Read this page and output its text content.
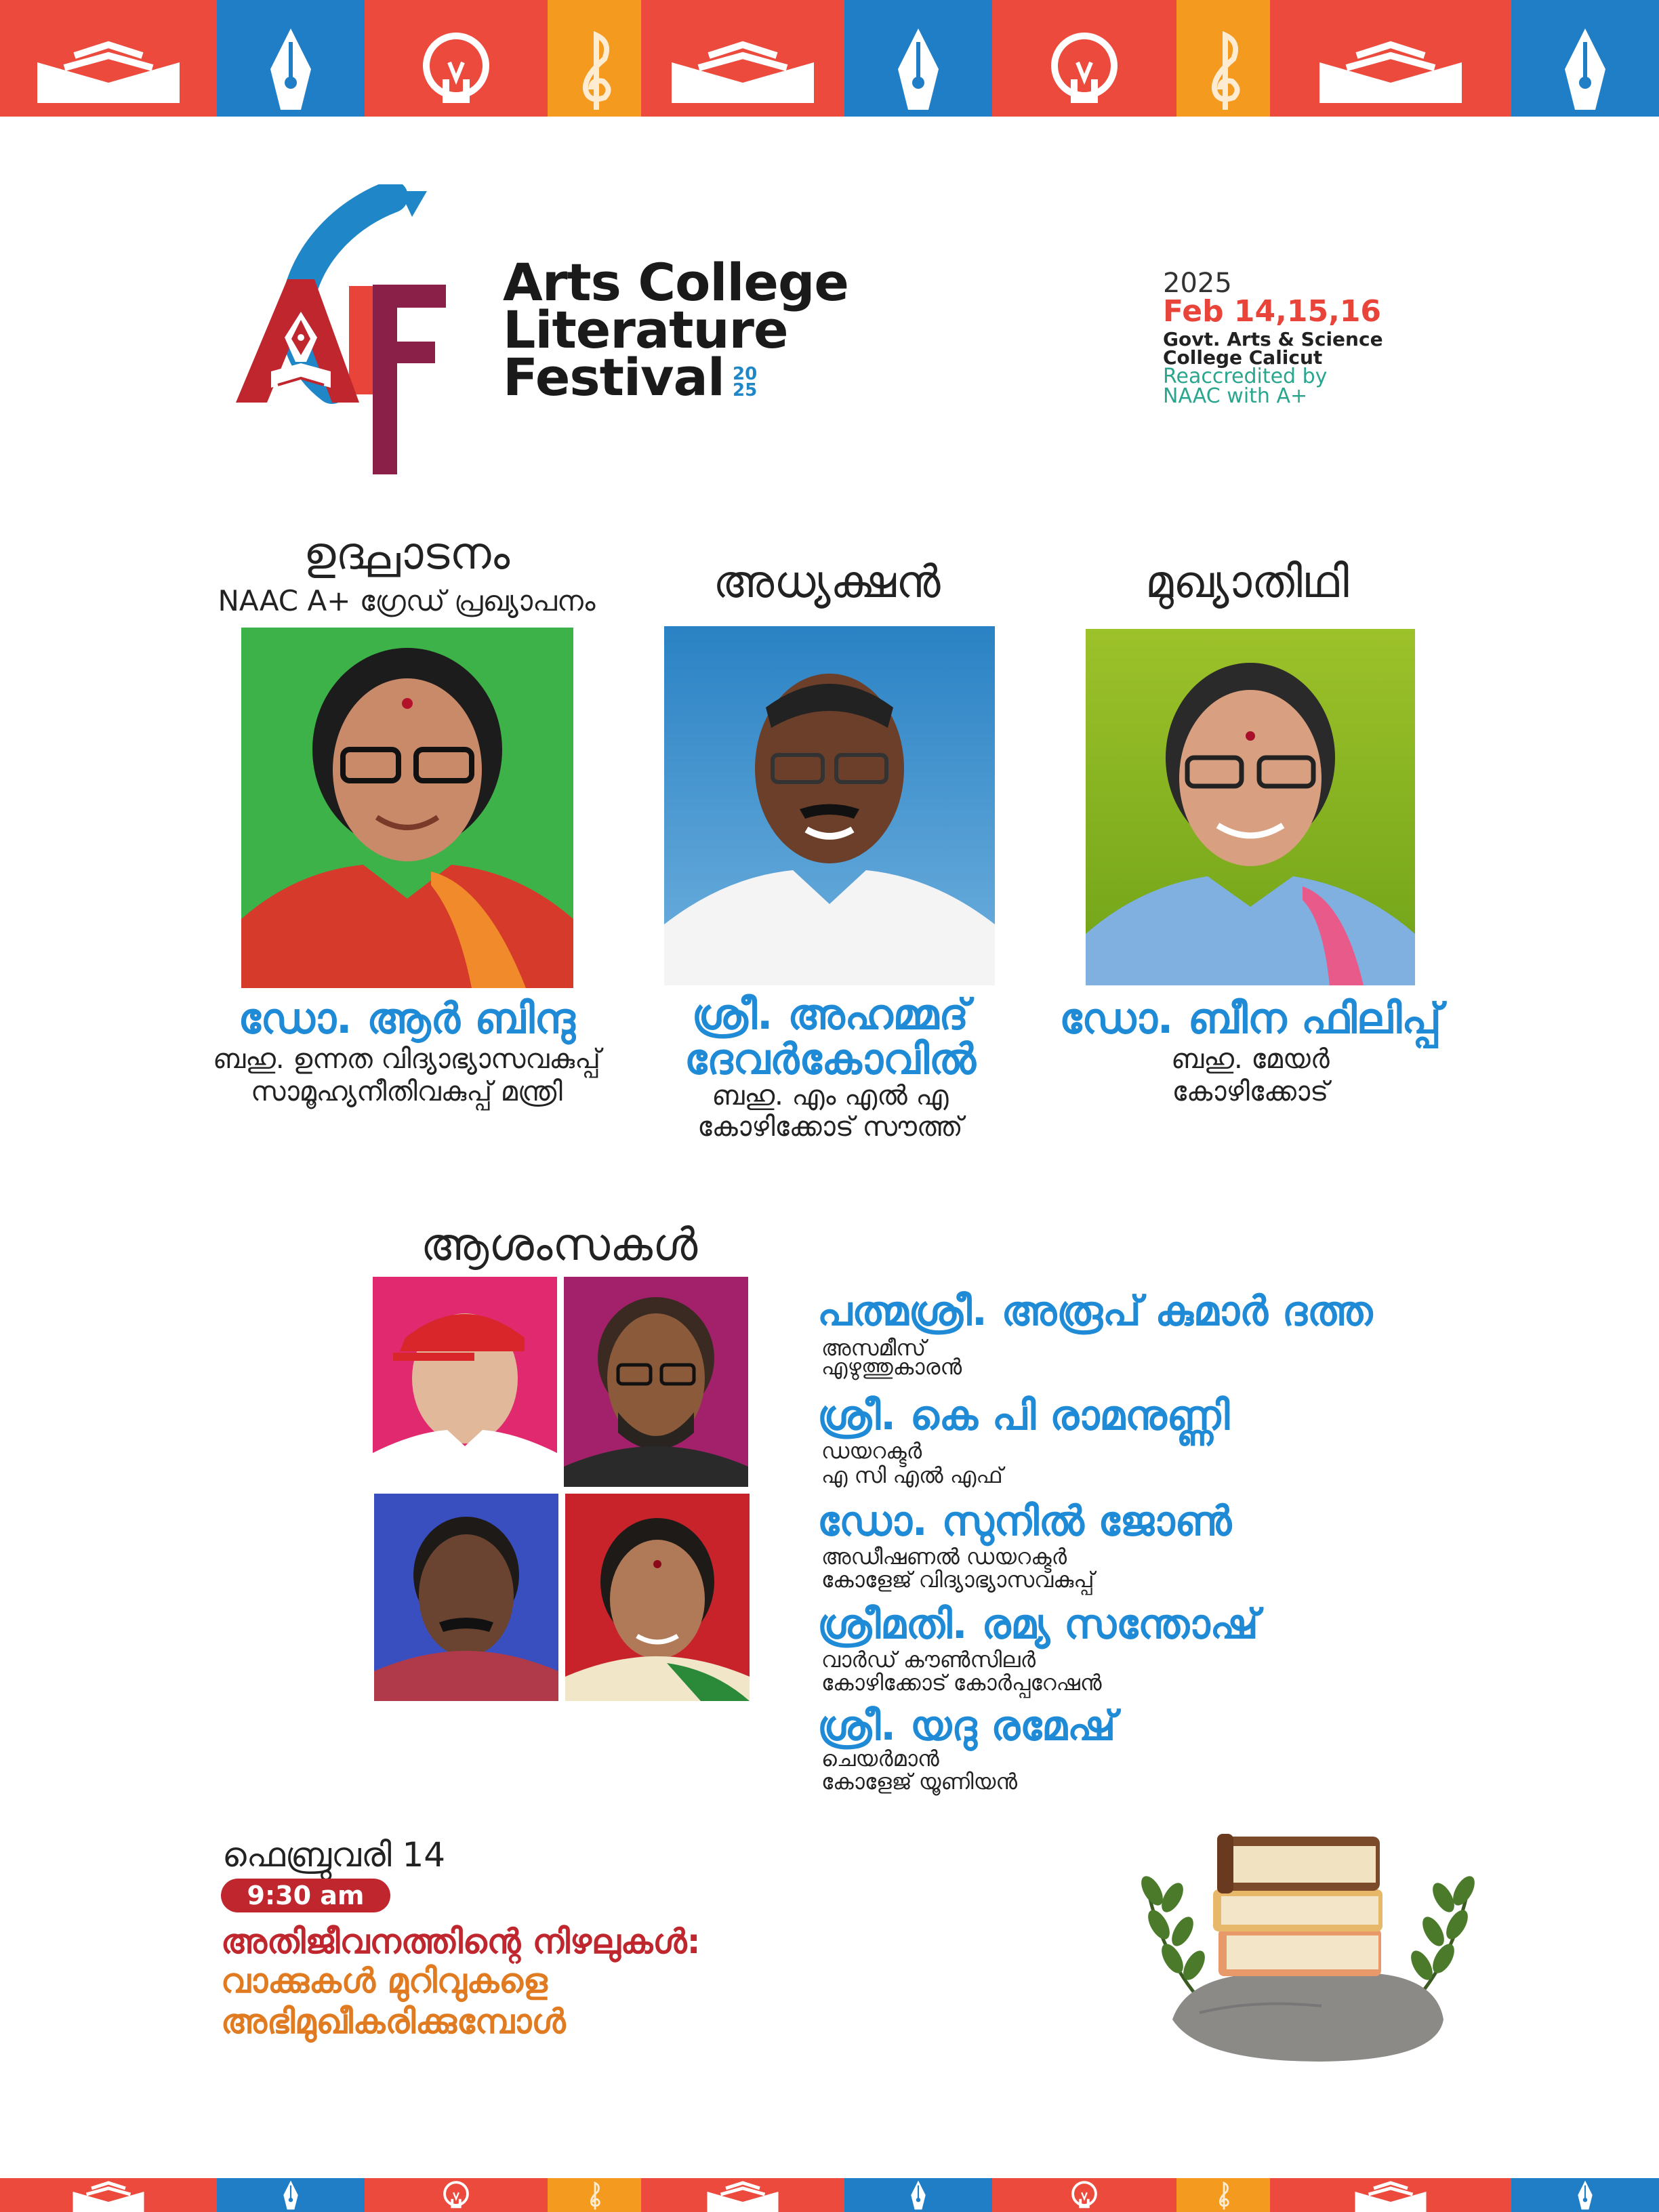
Arts College
Literature
Festival 20
25
2025
Feb 14,15,16
Govt. Arts & Science
College Calicut
Reaccredited by
NAAC with A+
ഉദ്ഘാടനം
NAAC A+ ഗ്രേഡ് പ്രഖ്യാപനം
ഡോ. ആർ ബിന്ദു
ബഹു. ഉന്നത വിദ്യാഭ്യാസവകുപ്പ്
സാമൂഹ്യനീതിവകുപ്പ് മന്ത്രി
അധ്യക്ഷൻ
ശ്രീ. അഹമ്മദ്
ദേവർകോവിൽ
ബഹു. എം എൽ എ
കോഴിക്കോട് സൗത്ത്
മുഖ്യാതിഥി
ഡോ. ബീന ഫിലിപ്പ്
ബഹു. മേയർ
കോഴിക്കോട്
ആശംസകൾ
പത്മശ്രീ. അരൂപ് കുമാർ ദത്ത
അസമീസ്
എഴുത്തുകാരൻ
ശ്രീ. കെ പി രാമനുണ്ണി
ഡയറക്ടർ
എ സി എൽ എഫ്
ഡോ. സുനിൽ ജോൺ
അഡീഷണൽ ഡയറക്ടർ
കോളേജ് വിദ്യാഭ്യാസവകുപ്പ്
ശ്രീമതി. രമ്യ സന്തോഷ്
വാർഡ് കൗൺസിലർ
കോഴിക്കോട് കോർപ്പറേഷൻ
ശ്രീ. യദു രമേഷ്
ചെയർമാൻ
കോളേജ് യൂണിയൻ
ഫെബ്രുവരി 14
9:30 am
അതിജീവനത്തിന്റെ നിഴലുകൾ:
വാക്കുകൾ മുറിവുകളെ
അഭിമുഖീകരിക്കുമ്പോൾ
